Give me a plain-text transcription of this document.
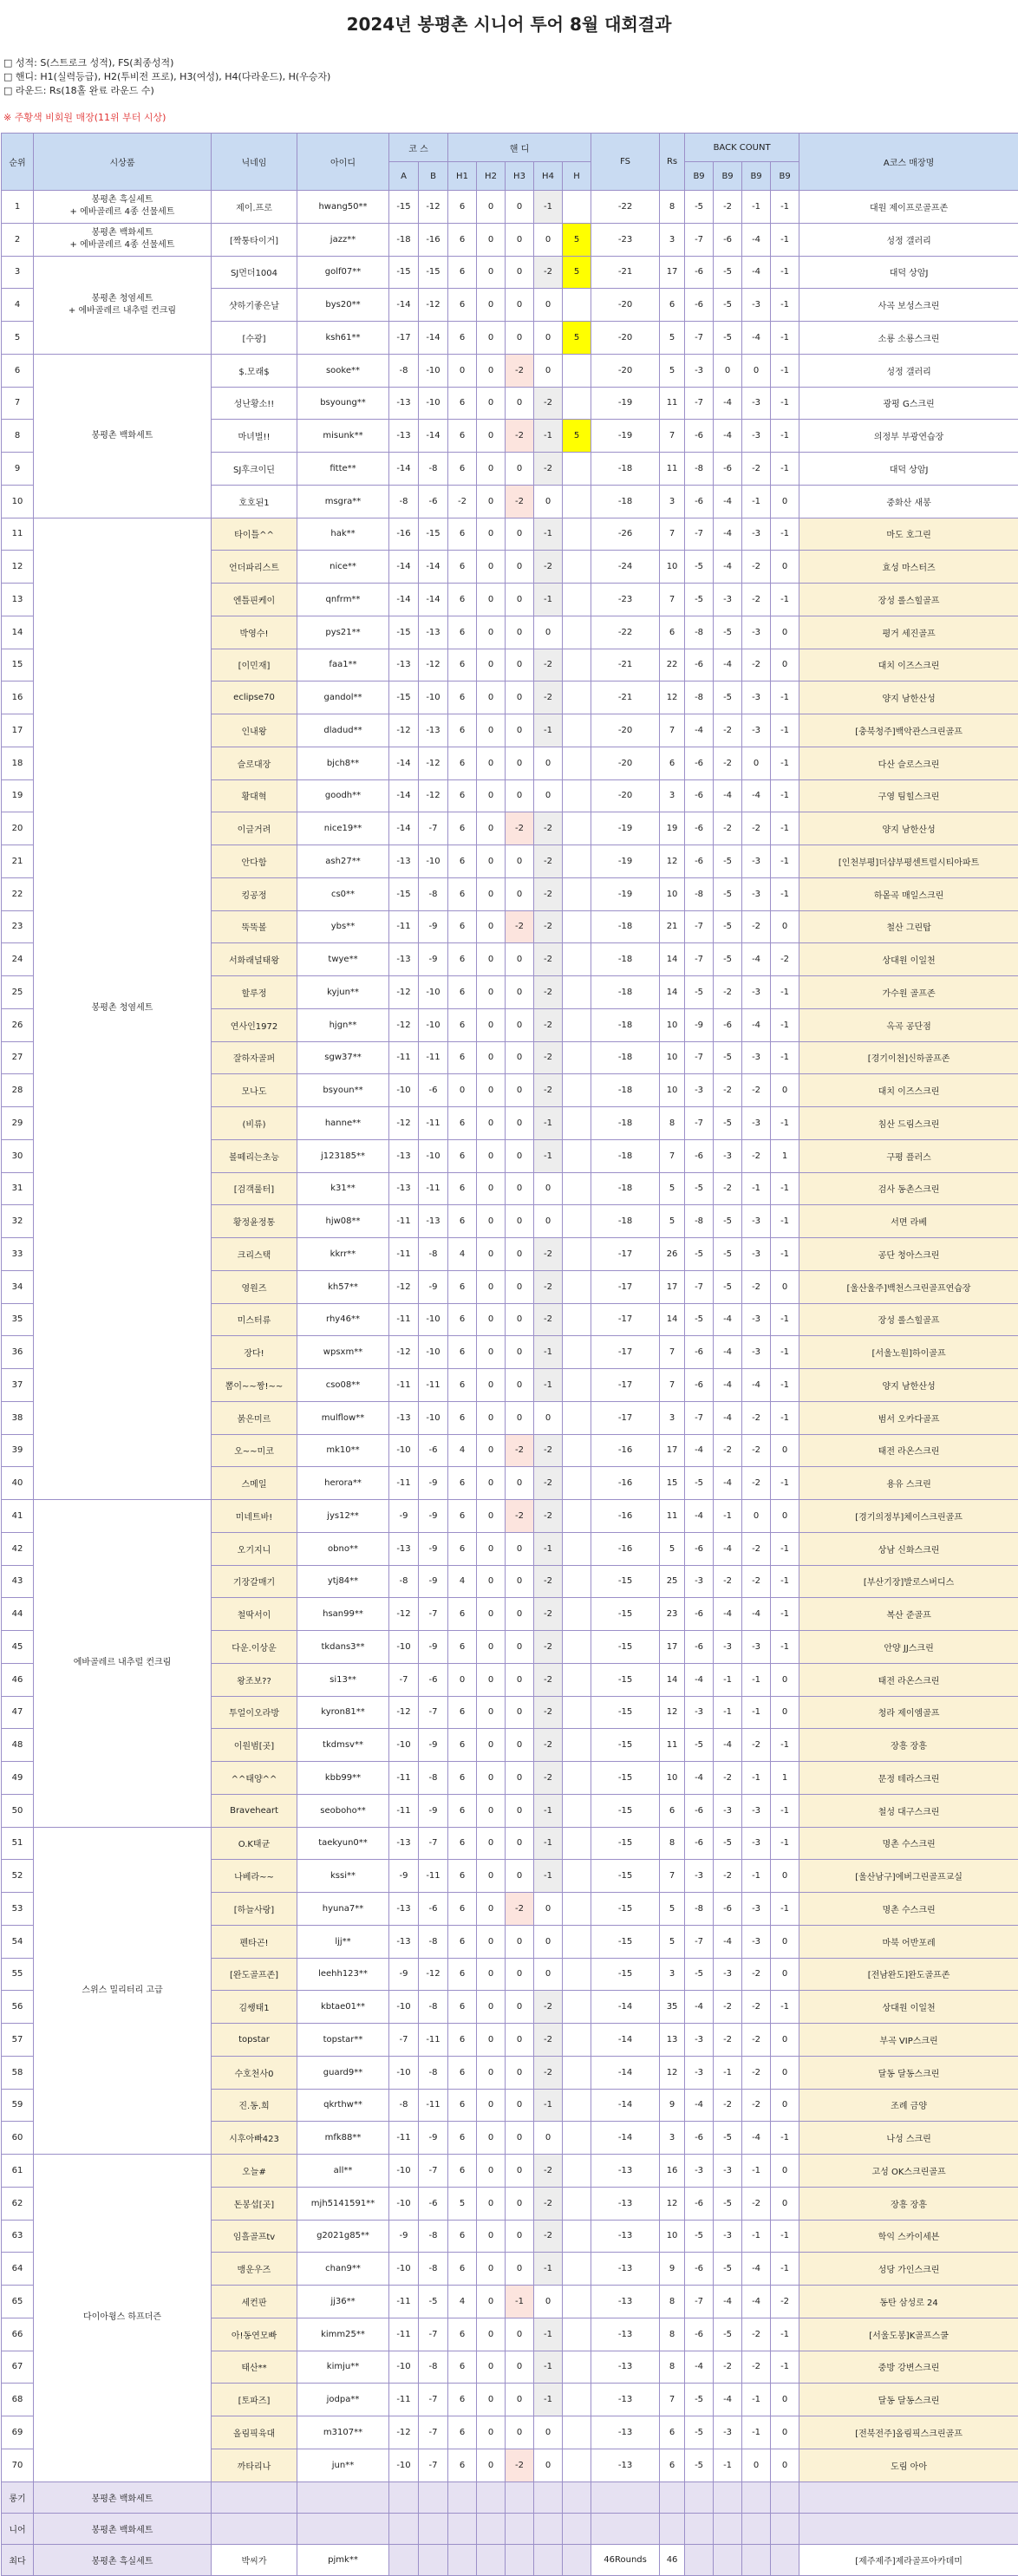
2024년 봉평촌 시니어 투어 8월 대회결과
□ 성적: S(스트로크 성적), FS(최종성적)
□ 핸디: H1(실력등급), H2(투비전 프로), H3(여성), H4(다라운드), H(우승자)
□ 라운드: Rs(18홀 완료 라운드 수)
※ 주황색 비회원 매장(11위 부터 시상)
순위	시상품	닉네임	아이디	코 스		핸 디					FS	Rs	BACK COUNT				A코스 매장명
				A	B	H1	H2	H3	H4	H			B9	B9	B9	B9	
1	봉평촌 흑실세트
+ 에바골레르 4종 선물세트	제이.프로	hwang50**	-15	-12	6	0	0	-1		-22	8	-5	-2	-1	-1	대원 제이프로골프존
2	봉평촌 백화세트
+ 에바골레르 4종 선물세트	[짝퉁타이거]	jazz**	-18	-16	6	0	0	0	5	-23	3	-7	-6	-4	-1	성정 갤러리
3	봉평촌 청염세트
+ 에바골레르 내추럴 컨크림	SJ먼더1004	golf07**	-15	-15	6	0	0	-2	5	-21	17	-6	-5	-4	-1	대덕 상암J
4		샷하기좋은날	bys20**	-14	-12	6	0	0	0		-20	6	-6	-5	-3	-1	사곡 보성스크린
5		[수광]	ksh61**	-17	-14	6	0	0	0	5	-20	5	-7	-5	-4	-1	소룡 소룡스크린
6	봉평촌 백화세트	$.모래$	sooke**	-8	-10	0	0	-2	0		-20	5	-3	0	0	-1	성정 갤러리
7		성난황소!!	bsyoung**	-13	-10	6	0	0	-2		-19	11	-7	-4	-3	-1	광평 G스크린
8		마녀벌!!	misunk**	-13	-14	6	0	-2	-1	5	-19	7	-6	-4	-3	-1	의정부 부광연습장
9		SJ후크이딘	fitte**	-14	-8	6	0	0	-2		-18	11	-8	-6	-2	-1	대덕 상암J
10		호호된1	msgra**	-8	-6	-2	0	-2	0		-18	3	-6	-4	-1	0	중화산 새봉
11	봉평촌 청염세트	타이틀^^	hak**	-16	-15	6	0	0	-1		-26	7	-7	-4	-3	-1	마도 호그린
12		언더파리스트	nice**	-14	-14	6	0	0	-2		-24	10	-5	-4	-2	0	효성 마스터즈
13		엔틀핀케이	qnfrm**	-14	-14	6	0	0	-1		-23	7	-5	-3	-2	-1	장성 롤스힐골프
14		박영수!	pys21**	-15	-13	6	0	0	0		-22	6	-8	-5	-3	0	평거 세진골프
15		[이민재]	faa1**	-13	-12	6	0	0	-2		-21	22	-6	-4	-2	0	대치 이즈스크린
16		eclipse70	gandol**	-15	-10	6	0	0	-2		-21	12	-8	-5	-3	-1	양지 남한산성
17		인내왕	dladud**	-12	-13	6	0	0	-1		-20	7	-4	-2	-3	-1	[충북청주]백악관스크린골프
18		슬로대장	bjch8**	-14	-12	6	0	0	0		-20	6	-6	-2	0	-1	다산 슬로스크린
19		황대혁	goodh**	-14	-12	6	0	0	0		-20	3	-6	-4	-4	-1	구영 팀힐스크린
20		이글거려	nice19**	-14	-7	6	0	-2	-2		-19	19	-6	-2	-2	-1	양지 남한산성
21		안다함	ash27**	-13	-10	6	0	0	-2		-19	12	-6	-5	-3	-1	[인천부평]더샵부평센트럴시티아파트
22		킹공정	cs0**	-15	-8	6	0	0	-2		-19	10	-8	-5	-3	-1	하뫁곡 매일스크린
23		뚝뚝볼	ybs**	-11	-9	6	0	-2	-2		-18	21	-7	-5	-2	0	철산 그린탑
24		서화래널태왕	twye**	-13	-9	6	0	0	-2		-18	14	-7	-5	-4	-2	상대원 이일천
25		할루정	kyjun**	-12	-10	6	0	0	-2		-18	14	-5	-2	-3	-1	가수원 골프존
26		연사인1972	hjgn**	-12	-10	6	0	0	-2		-18	10	-9	-6	-4	-1	옥곡 공단점
27		잘하자골퍼	sgw37**	-11	-11	6	0	0	-2		-18	10	-7	-5	-3	-1	[경기이천]신하골프존
28		모나도	bsyoun**	-10	-6	0	0	0	-2		-18	10	-3	-2	-2	0	대치 이즈스크린
29		(비류)	hanne**	-12	-11	6	0	0	-1		-18	8	-7	-5	-3	-1	침산 드림스크린
30		볼떼리는초능	j123185**	-13	-10	6	0	0	-1		-18	7	-6	-3	-2	1	구평 플러스
31		[검객룰터]	k31**	-13	-11	6	0	0	0		-18	5	-5	-2	-1	-1	검사 동촌스크린
32		황정윤정통	hjw08**	-11	-13	6	0	0	0		-18	5	-8	-5	-3	-1	서면 라베
33		크리스택	kkrr**	-11	-8	4	0	0	-2		-17	26	-5	-5	-3	-1	공단 청아스크린
34		영원즈	kh57**	-12	-9	6	0	0	-2		-17	17	-7	-5	-2	0	[울산울주]백천스크린골프연습장
35		미스터류	rhy46**	-11	-10	6	0	0	-2		-17	14	-5	-4	-3	-1	장성 롤스힐골프
36		장다!	wpsxm**	-12	-10	6	0	0	-1		-17	7	-6	-4	-3	-1	[서울노원]하이골프
37		뽐이~~짱!~~	cso08**	-11	-11	6	0	0	-1		-17	7	-6	-4	-4	-1	양지 남한산성
38		붉은미르	mulflow**	-13	-10	6	0	0	0		-17	3	-7	-4	-2	-1	범서 오카다골프
39		오~~미코	mk10**	-10	-6	4	0	-2	-2		-16	17	-4	-2	-2	0	태전 라온스크린
40		스메일	herora**	-11	-9	6	0	0	-2		-16	15	-5	-4	-2	-1	용유 스크린
41	에바골레르 내추럴 컨크림	미네트바!	jys12**	-9	-9	6	0	-2	-2		-16	11	-4	-1	0	0	[경기의정부]체이스크린골프
42		오기지니	obno**	-13	-9	6	0	0	-1		-16	5	-6	-4	-2	-1	상남 신화스크린
43		기장갈매기	ytj84**	-8	-9	4	0	0	-2		-15	25	-3	-2	-2	-1	[부산기장]발로스버디스
44		철딱서이	hsan99**	-12	-7	6	0	0	-2		-15	23	-6	-4	-4	-1	복산 준골프
45		다운.이상운	tkdans3**	-10	-9	6	0	0	-2		-15	17	-6	-3	-3	-1	안양 JJ스크린
46		왕조보??	si13**	-7	-6	0	0	0	-2		-15	14	-4	-1	-1	0	태전 라온스크린
47		투얼이오라방	kyron81**	-12	-7	6	0	0	-2		-15	12	-3	-1	-1	0	청라 제이엠골프
48		이원범[곳]	tkdmsv**	-10	-9	6	0	0	-2		-15	11	-5	-4	-2	-1	장흥 장흥
49		^^태양^^	kbb99**	-11	-8	6	0	0	-2		-15	10	-4	-2	-1	1	문정 테라스크린
50		Braveheart	seoboho**	-11	-9	6	0	0	-1		-15	6	-6	-3	-3	-1	철성 대구스크린
51	스위스 밀리터리 고급	O.K태균	taekyun0**	-13	-7	6	0	0	-1		-15	8	-6	-5	-3	-1	명촌 수스크린
52		나베라~~	kssi**	-9	-11	6	0	0	-1		-15	7	-3	-2	-1	0	[울산남구]에버그린골프교실
53		[하늘사랑]	hyuna7**	-13	-6	6	0	-2	0		-15	5	-8	-6	-3	-1	명촌 수스크린
54		펜타곤!	ljj**	-13	-8	6	0	0	0		-15	5	-7	-4	-3	0	마북 어반포레
55		[완도골프존]	leehh123**	-9	-12	6	0	0	0		-15	3	-5	-3	-2	0	[전남완도]완도골프존
56		김쌩태1	kbtae01**	-10	-8	6	0	0	-2		-14	35	-4	-2	-2	-1	상대원 이일천
57		topstar	topstar**	-7	-11	6	0	0	-2		-14	13	-3	-2	-2	0	부곡 VIP스크린
58		수호천사0	guard9**	-10	-8	6	0	0	-2		-14	12	-3	-1	-2	0	달동 달동스크린
59		진.동.희	qkrthw**	-8	-11	6	0	0	-1		-14	9	-4	-2	-2	0	조례 금양
60		시후아빠423	mfk88**	-11	-9	6	0	0	0		-14	3	-6	-5	-4	-1	나성 스크린
61	다이아윙스 하프더즌	오늘#	all**	-10	-7	6	0	0	-2		-13	16	-3	-3	-1	0	고성 OK스크린골프
62		돈봉섭[곳]	mjh5141591**	-10	-6	5	0	0	-2		-13	12	-6	-5	-2	0	장흥 장흥
63		임흘골프tv	g2021g85**	-9	-8	6	0	0	-2		-13	10	-5	-3	-1	-1	학익 스카이세븐
64		맹운우즈	chan9**	-10	-8	6	0	0	-1		-13	9	-6	-5	-4	-1	성당 가인스크린
65		세컨판	jj36**	-11	-5	4	0	-1	0		-13	8	-7	-4	-4	-2	동탄 삼성로 24
66		아!동연모빠	kimm25**	-11	-7	6	0	0	-1		-13	8	-6	-5	-2	-1	[서울도봉]K골프스쿨
67		태산**	kimju**	-10	-8	6	0	0	-1		-13	8	-4	-2	-2	-1	중방 강변스크린
68		[토파즈]	jodpa**	-11	-7	6	0	0	-1		-13	7	-5	-4	-1	0	달동 달동스크린
69		올림픽육대	m3107**	-12	-7	6	0	0	0		-13	6	-5	-3	-1	0	[전북전주]올림픽스크린골프
70		까타리나	jun**	-10	-7	6	0	-2	0		-13	6	-5	-1	0	0	도림 아아
롱기	봉평촌 백화세트																
니어	봉평촌 백화세트																
최다	봉평촌 흑실세트	박씨가	pjmk**								46Rounds	46					[제주제주]제라골프아카데미
